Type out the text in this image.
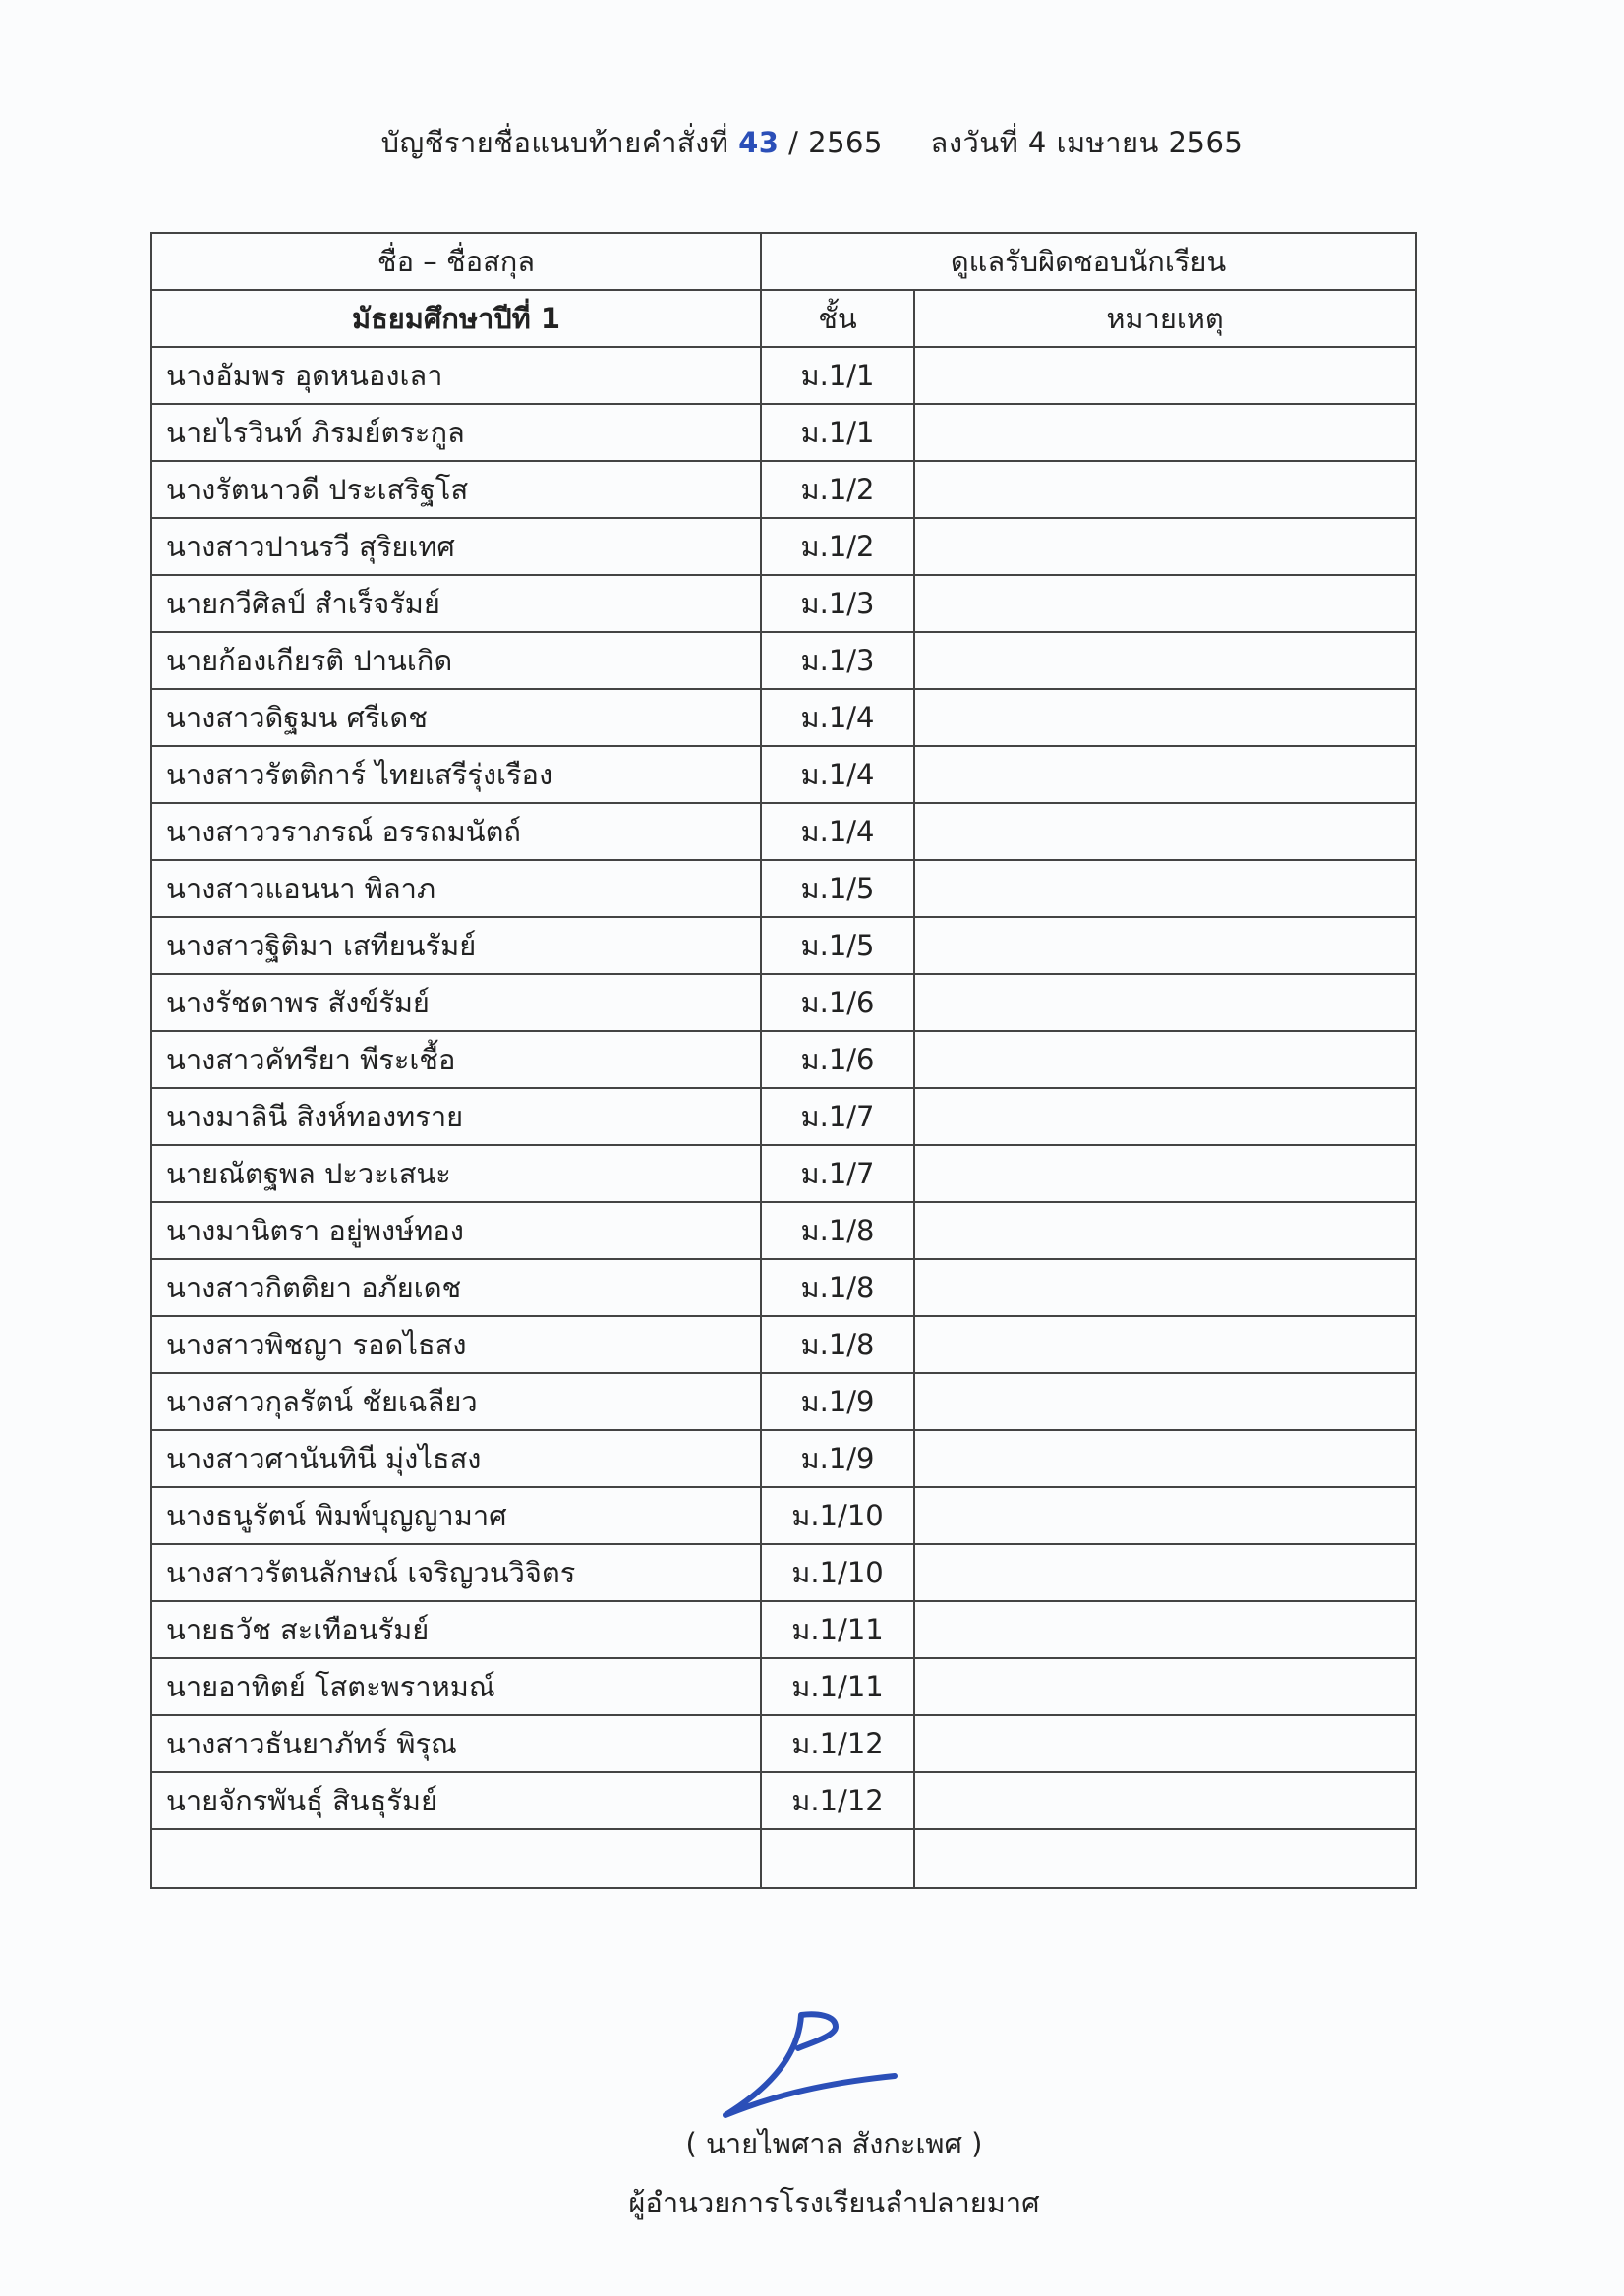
บัญชีรายชื่อแนบท้ายคำสั่งที่ 43 / 2565 ลงวันที่ 4 เมษายน 2565
ชื่อ – ชื่อสกุล	ดูแลรับผิดชอบนักเรียน	
มัธยมศึกษาปีที่ 1	ชั้น	หมายเหตุ
นางอัมพร อุดหนองเลา	ม.1/1	
นายไรวินท์ ภิรมย์ตระกูล	ม.1/1	
นางรัตนาวดี ประเสริฐโส	ม.1/2	
นางสาวปานรวี สุริยเทศ	ม.1/2	
นายกวีศิลป์ สำเร็จรัมย์	ม.1/3	
นายก้องเกียรติ ปานเกิด	ม.1/3	
นางสาวดิฐมน ศรีเดช	ม.1/4	
นางสาวรัตติการ์ ไทยเสรีรุ่งเรือง	ม.1/4	
นางสาววราภรณ์ อรรถมนัตถ์	ม.1/4	
นางสาวแอนนา พิลาภ	ม.1/5	
นางสาวฐิติมา เสทียนรัมย์	ม.1/5	
นางรัชดาพร สังข์รัมย์	ม.1/6	
นางสาวคัทรียา พีระเชื้อ	ม.1/6	
นางมาลินี สิงห์ทองทราย	ม.1/7	
นายณัตฐพล ปะวะเสนะ	ม.1/7	
นางมานิตรา อยู่พงษ์ทอง	ม.1/8	
นางสาวกิตติยา อภัยเดช	ม.1/8	
นางสาวพิชญา รอดไธสง	ม.1/8	
นางสาวกุลรัตน์ ชัยเฉลียว	ม.1/9	
นางสาวศานันทินี มุ่งไธสง	ม.1/9	
นางธนูรัตน์ พิมพ์บุญญามาศ	ม.1/10	
นางสาวรัตนลักษณ์ เจริญวนวิจิตร	ม.1/10	
นายธวัช สะเทือนรัมย์	ม.1/11	
นายอาทิตย์ โสตะพราหมณ์	ม.1/11	
นางสาวธันยาภัทร์ พิรุณ	ม.1/12	
นายจักรพันธุ์ สินธุรัมย์	ม.1/12	

( นายไพศาล สังกะเพศ )
ผู้อำนวยการโรงเรียนลำปลายมาศ
